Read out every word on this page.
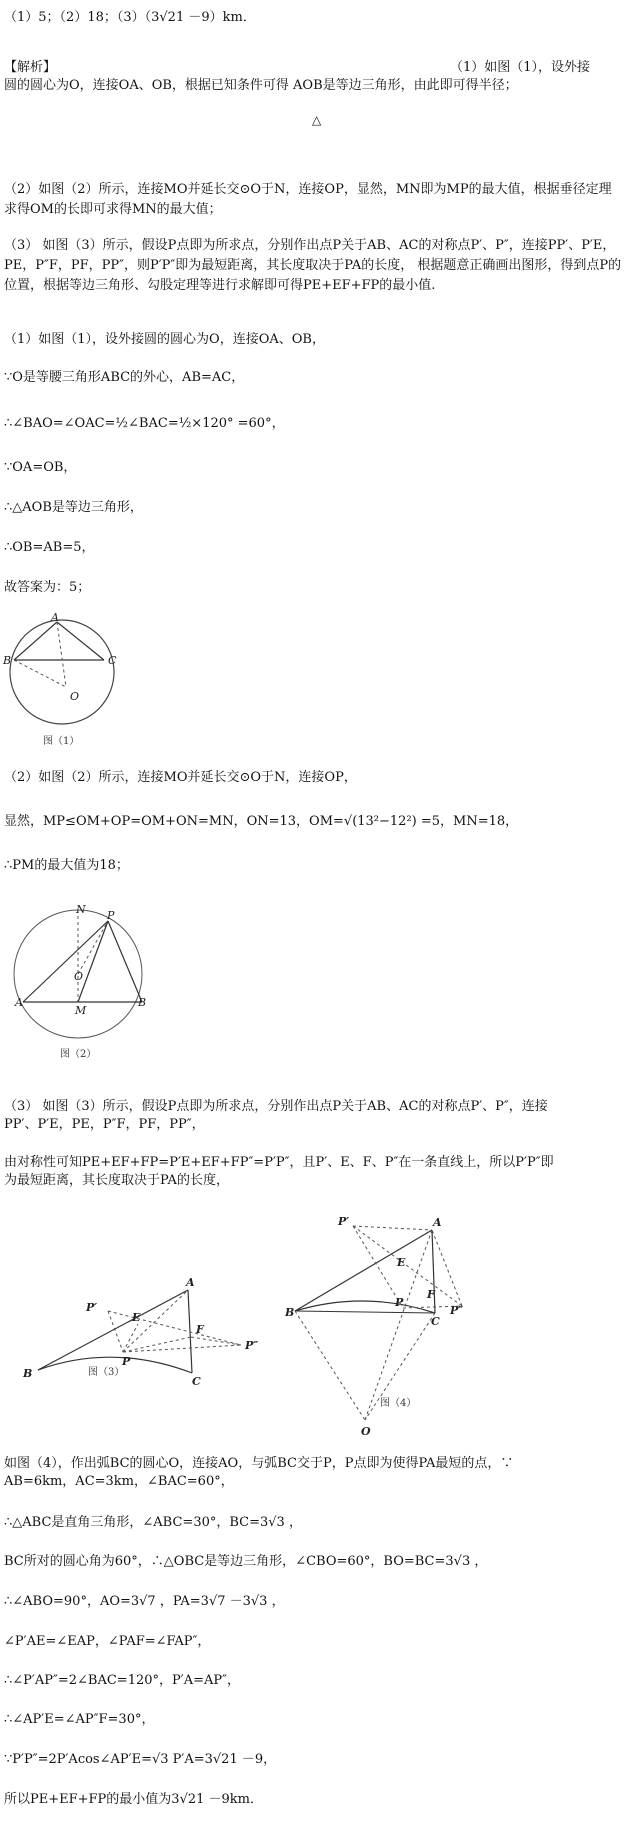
（1）5；（2）18；（3）（3√21 －9）km．
【解析】	（1）如图（1），设外接
圆的圆心为O，连接OA、OB，根据已知条件可得 AOB是等边三角形，由此即可得半径；
△
（2）如图（2）所示，连接MO并延长交⊙O于N，连接OP，显然，MN即为MP的最大值，根据垂径定理求得OM的长即可求得MN的最大值；
（3） 如图（3）所示，假设P点即为所求点，分别作出点P关于AB、AC的对称点P′、P″，连接PP′、P′E，PE，P″F，PF，PP″，则P′P″即为最短距离，其长度取决于PA的长度， 根据题意正确画出图形，得到点P的位置，根据等边三角形、勾股定理等进行求解即可得PE+EF+FP的最小值.
（1）如图（1），设外接圆的圆心为O，连接OA、OB，
∵O是等腰三角形ABC的外心，AB=AC，
∴∠BAO=∠OAC=½∠BAC=½×120° =60°，
∵OA=OB，
∴△AOB是等边三角形，
∴OB=AB=5，
故答案为：5；
A
B	C
O
图（1）
（2）如图（2）所示，连接MO并延长交⊙O于N，连接OP，
显然，MP≤OM+OP=OM+ON=MN，ON=13，OM=√(13²−12²) =5，MN=18，
∴PM的最大值为18；
N P
O
A
M
B
图（2）
（3） 如图（3）所示，假设P点即为所求点，分别作出点P关于AB、AC的对称点P′、P″，连接
PP′、P′E，PE，P″F，PF，PP″，
由对称性可知PE+EF+FP=P′E+EF+FP″=P′P″，且P′、E、F、P″在一条直线上，所以P′P″即
为最短距离，其长度取决于PA的长度，
P′
E
A
F
P
P″
B
C
图（3）
P′	A
E
F
B
P
C
P″
O
图（4）
如图（4），作出弧BC的圆心O，连接AO，与弧BC交于P，P点即为使得PA最短的点，∵
AB=6km，AC=3km，∠BAC=60°，
∴△ABC是直角三角形，∠ABC=30°，BC=3√3 ，
BC所对的圆心角为60°，∴△OBC是等边三角形，∠CBO=60°，BO=BC=3√3 ，
∴∠ABO=90°，AO=3√7 ，PA=3√7 －3√3 ，
∠P′AE=∠EAP，∠PAF=∠FAP″，
∴∠P′AP″=2∠BAC=120°，P′A=AP″，
∴∠AP′E=∠AP″F=30°，
∵P′P″=2P′Acos∠AP′E=√3 P′A=3√21 －9，
所以PE+EF+FP的最小值为3√21 －9km．
